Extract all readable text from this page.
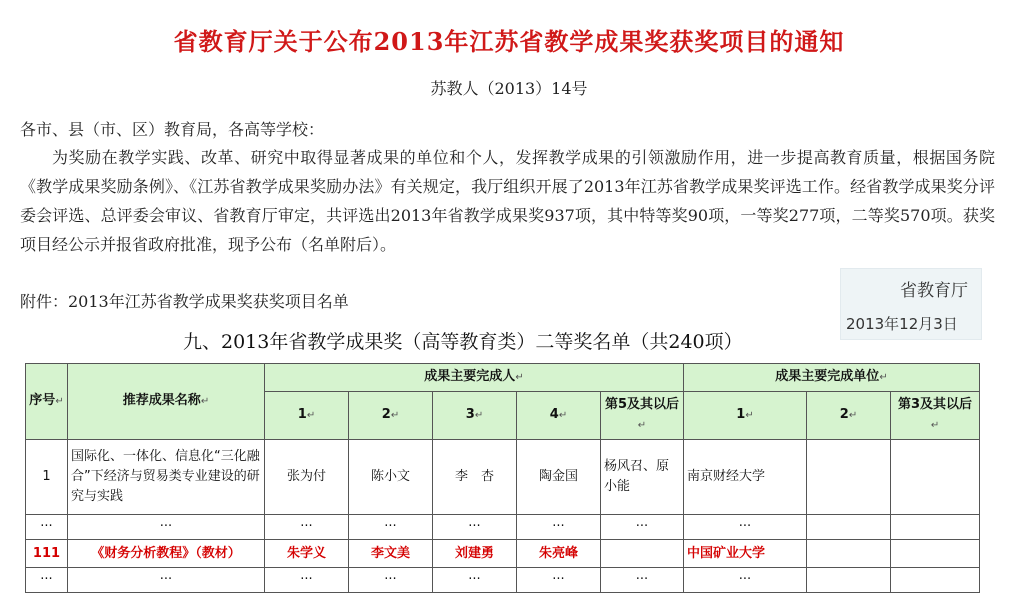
省教育厅关于公布2013年江苏省教学成果奖获奖项目的通知
苏教人（2013）14号
各市、县（市、区）教育局，各高等学校：

为奖励在教学实践、改革、研究中取得显著成果的单位和个人，发挥教学成果的引领激励作用，进一步提高教育质量，根据国务院《教学成果奖励条例》、《江苏省教学成果奖励办法》有关规定，我厅组织开展了2013年江苏省教学成果奖评选工作。经省教学成果奖分评委会评选、总评委会审议、省教育厅审定，共评选出2013年省教学成果奖937项，其中特等奖90项，一等奖277项，二等奖570项。获奖项目经公示并报省政府批准，现予公布（名单附后）。

附件：2013年江苏省教学成果奖获奖项目名单
省教育厅
2013年12月3日
九、2013年省教学成果奖（高等教育类）二等奖名单（共240项）
序号↵	推荐成果名称↵	成果主要完成人↵					成果主要完成单位↵		
		1↵	2↵	3↵	4↵	第5及其以后↵	1↵	2↵	第3及其以后↵
1	国际化、一体化、信息化“三化融合”下经济与贸易类专业建设的研究与实践	张为付	陈小文	李　杏	陶金国	杨风召、原小能	南京财经大学		
···	···	···	···	···	···	···	···		
111	《财务分析教程》（教材）	朱学义	李文美	刘建勇	朱亮峰		中国矿业大学		
···	···	···	···	···	···	···	···		
